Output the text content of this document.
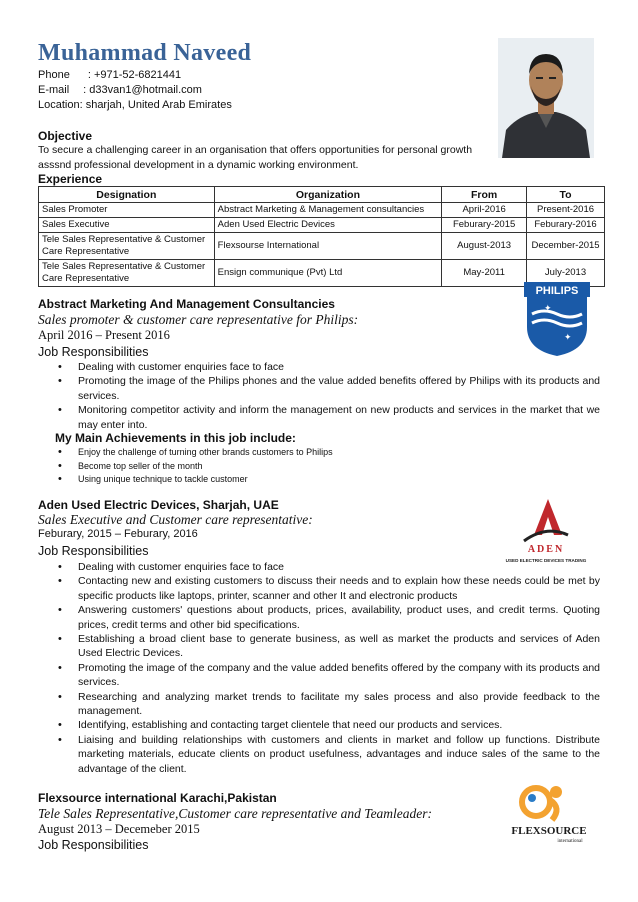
Muhammad Naveed
Phone : +971-52-6821441
E-mail : d33van1@hotmail.com
Location: sharjah, United Arab Emirates
Objective
To secure a challenging career in an organisation that offers opportunities for personal growth asssnd professional development in a dynamic working environment.
Experience
Designation	Organization	From	To
Sales Promoter	Abstract Marketing & Management consultancies	April-2016	Present-2016
Sales Executive	Aden Used Electric Devices	Feburary-2015	Feburary-2016
Tele Sales Representative & Customer Care Representative	Flexsourse International	August-2013	December-2015
Tele Sales Representative & Customer Care Representative	Ensign communique (Pvt) Ltd	May-2011	July-2013
Abstract Marketing And Management Consultancies
Sales promoter & customer care representative for Philips:
April 2016 – Present 2016
Job Responsibilities
PHILIPS
✦
✦
• Dealing with customer enquiries face to face
• Promoting the image of the Philips phones and the value added benefits offered by Philips with its products and services.
• Monitoring competitor activity and inform the management on new products and services in the market that we may enter into.
My Main Achievements in this job include:
• Enjoy the challenge of turning other brands customers to Philips
• Become top seller of the month
• Using unique technique to tackle customer
Aden Used Electric Devices, Sharjah, UAE
Sales Executive and Customer care representative:
Feburary, 2015 – Feburary, 2016
Job Responsibilities	ADEN
USED ELECTRIC DEVICES TRADING
• Dealing with customer enquiries face to face
• Contacting new and existing customers to discuss their needs and to explain how these needs could be met by specific products like laptops, printer, scanner and other It and electronic products
• Answering customers' questions about products, prices, availability, product uses, and credit terms. Quoting prices, credit terms and other bid specifications.
• Establishing a broad client base to generate business, as well as market the products and services of Aden Used Electric Devices.
• Promoting the image of the company and the value added benefits offered by the company with its products and services.
• Researching and analyzing market trends to facilitate my sales process and also provide feedback to the management.
• Identifying, establishing and contacting target clientele that need our products and services.
• Liaising and building relationships with customers and clients in market and follow up functions. Distribute marketing materials, educate clients on product usefulness, advantages and induce sales of the same to the advantage of the client.
Flexsource international Karachi,Pakistan
Tele Sales Representative,Customer care representative and Teamleader:
August 2013 – Decemeber 2015
Job Responsibilities
FLEXSOURCE
international
